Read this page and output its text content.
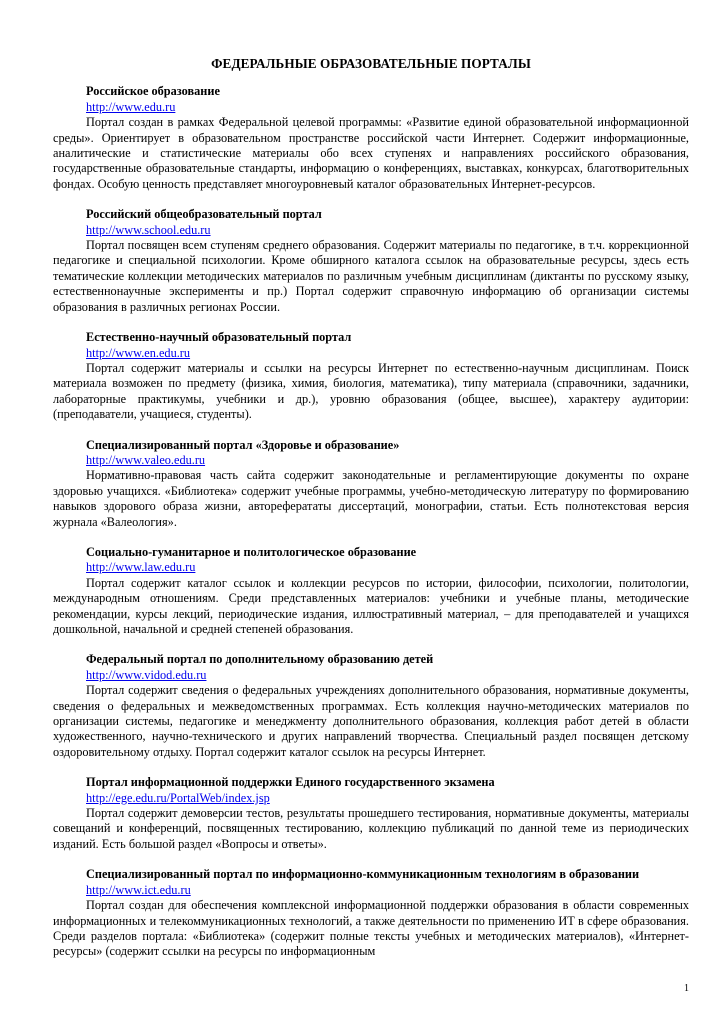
ФЕДЕРАЛЬНЫЕ ОБРАЗОВАТЕЛЬНЫЕ ПОРТАЛЫ

Российское образование

http://www.edu.ru

Портал создан в рамках Федеральной целевой программы: «Развитие единой образовательной информационной среды». Ориентирует в образовательном пространстве российской части Интернет. Содержит информационные, аналитические и статистические материалы обо всех ступенях и направлениях российского образования, государственные образовательные стандарты, информацию о конференциях, выставках, конкурсах, благотворительных фондах. Особую ценность представляет многоуровневый каталог образовательных Интернет-ресурсов.

Российский общеобразовательный портал

http://www.school.edu.ru

Портал посвящен всем ступеням среднего образования. Содержит материалы по педагогике, в т.ч. коррекционной педагогике и специальной психологии. Кроме обширного каталога ссылок на образовательные ресурсы, здесь есть тематические коллекции методических материалов по различным учебным дисциплинам (диктанты по русскому языку, естественнонаучные эксперименты и пр.) Портал содержит справочную информацию об организации системы образования в различных регионах России.

Естественно-научный образовательный портал

http://www.en.edu.ru

Портал содержит материалы и ссылки на ресурсы Интернет по естественно-научным дисциплинам. Поиск материала возможен по предмету (физика, химия, биология, математика), типу материала (справочники, задачники, лабораторные практикумы, учебники и др.), уровню образования (общее, высшее), характеру аудитории: (преподаватели, учащиеся, студенты).

Специализированный портал «Здоровье и образование»

http://www.valeo.edu.ru

Нормативно-правовая часть сайта содержит законодательные и регламентирующие документы по охране здоровью учащихся. «Библиотека» содержит учебные программы, учебно-методическую литературу по формированию навыков здорового образа жизни, автореферататы диссертаций, монографии, статьи. Есть полнотекстовая версия журнала «Валеология».

Социально-гуманитарное и политологическое образование

http://www.law.edu.ru

Портал содержит каталог ссылок и коллекции ресурсов по истории, философии, психологии, политологии, международным отношениям. Среди представленных материалов: учебники и учебные планы, методические рекомендации, курсы лекций, периодические издания, иллюстративный материал, – для преподавателей и учащихся дошкольной, начальной и средней степеней образования.

Федеральный портал по дополнительному образованию детей

http://www.vidod.edu.ru

Портал содержит сведения о федеральных учреждениях дополнительного образования, нормативные документы, сведения о федеральных и межведомственных программах. Есть коллекция научно-методических материалов по организации системы, педагогике и менеджменту дополнительного образования, коллекция работ детей в области художественного, научно-технического и других направлений творчества. Специальный раздел посвящен детскому оздоровительному отдыху. Портал содержит каталог ссылок на ресурсы Интернет.

Портал информационной поддержки Единого государственного экзамена

http://ege.edu.ru/PortalWeb/index.jsp

Портал содержит демоверсии тестов, результаты прошедшего тестирования, нормативные документы, материалы совещаний и конференций, посвященных тестированию, коллекцию публикаций по данной теме из периодических изданий. Есть большой раздел «Вопросы и ответы».

Специализированный портал по информационно-коммуникационным технологиям в образовании

http://www.ict.edu.ru

Портал создан для обеспечения комплексной информационной поддержки образования в области современных информационных и телекоммуникационных технологий, а также деятельности по применению ИТ в сфере образования. Среди разделов портала: «Библиотека» (содержит полные тексты учебных и методических материалов), «Интернет-ресурсы» (содержит ссылки на ресурсы по информационным

1
